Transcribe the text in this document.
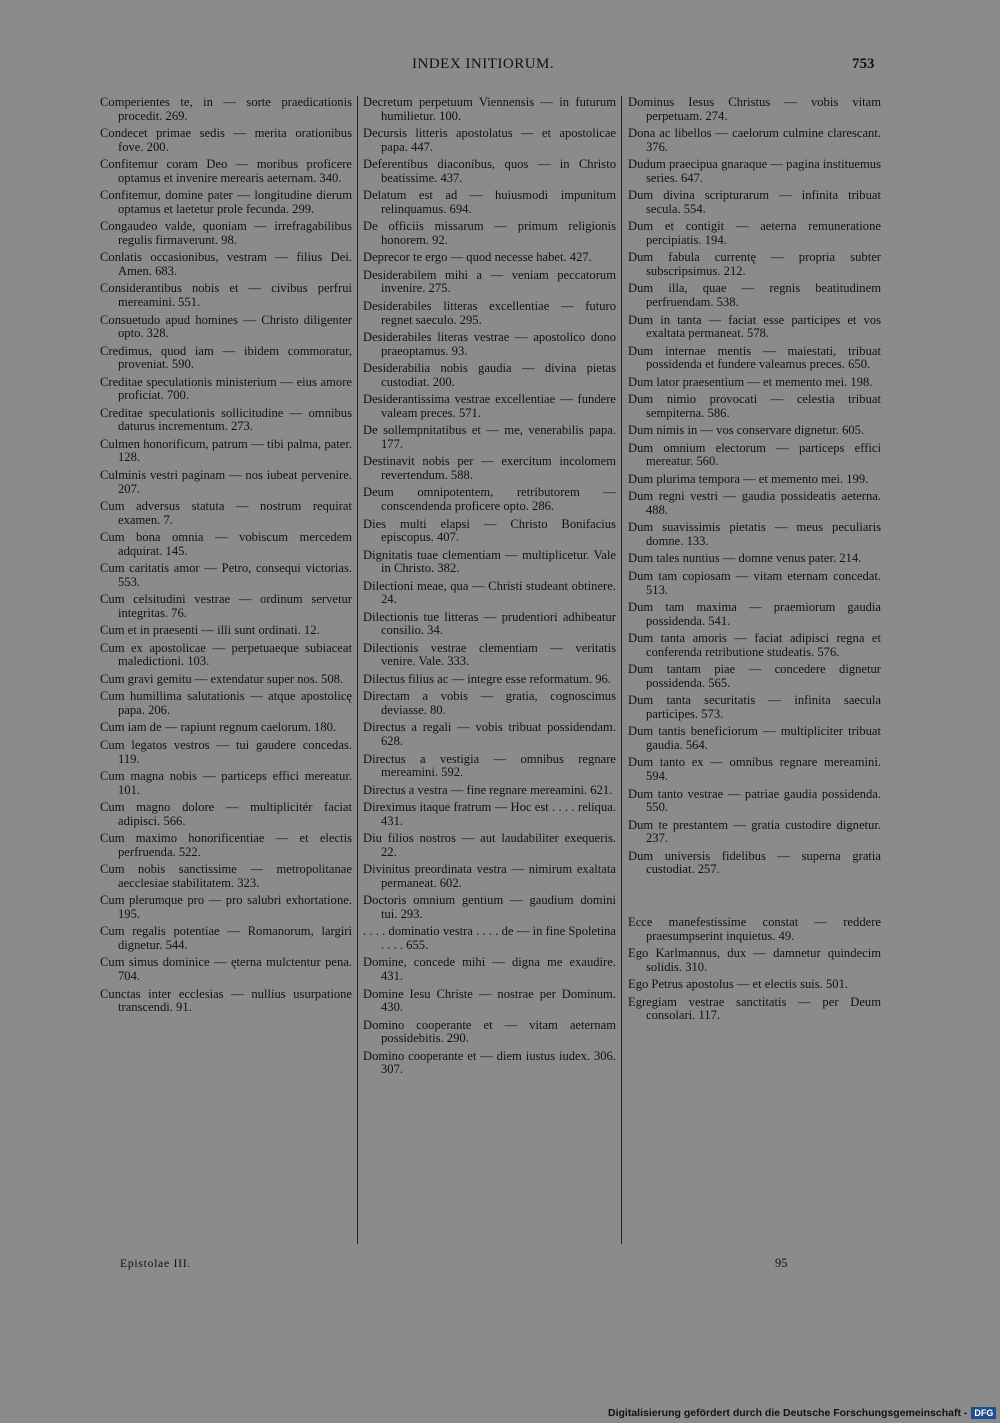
INDEX INITIORUM.	753

Comperientes te, in — sorte praedicationis procedit. 269.

Condecet primae sedis — merita orationibus fove. 200.

Confitemur coram Deo — moribus proficere optamus et invenire merearis aeternam. 340.

Confitemur, domine pater — longitudine dierum optamus et laetetur prole fecunda. 299.

Congaudeo valde, quoniam — irrefragabilibus regulis firmaverunt. 98.

Conlatis occasionibus, vestram — filius Dei. Amen. 683.

Considerantibus nobis et — civibus perfrui mereamini. 551.

Consuetudo apud homines — Christo diligenter opto. 328.

Credimus, quod iam — ibidem commoratur, proveniat. 590.

Creditae speculationis ministerium — eius amore proficiat. 700.

Creditae speculationis sollicitudine — omnibus daturus incrementum. 273.

Culmen honorificum, patrum — tibi palma, pater. 128.

Culminis vestri paginam — nos iubeat pervenire. 207.

Cum adversus statuta — nostrum requirat examen. 7.

Cum bona omnia — vobiscum mercedem adquirat. 145.

Cum caritatis amor — Petro, consequi victorias. 553.

Cum celsitudini vestrae — ordinum servetur integritas. 76.

Cum et in praesenti — illi sunt ordinati. 12.

Cum ex apostolicae — perpetuaeque subiaceat maledictioni. 103.

Cum gravi gemitu — extendatur super nos. 508.

Cum humillima salutationis — atque apostolicę papa. 206.

Cum iam de — rapiunt regnum caelorum. 180.

Cum legatos vestros — tui gaudere concedas. 119.

Cum magna nobis — particeps effici mereatur. 101.

Cum magno dolore — multiplicitér faciat adipisci. 566.

Cum maximo honorificentiae — et electis perfruenda. 522.

Cum nobis sanctissime — metropolitanae aecclesiae stabilitatem. 323.

Cum plerumque pro — pro salubri exhortatione. 195.

Cum regalis potentiae — Romanorum, largiri dignetur. 544.

Cum simus dominice — ęterna mulctentur pena. 704.

Cunctas inter ecclesias — nullius usurpatione transcendi. 91.

Decretum perpetuum Viennensis — in futurum humilietur. 100.

Decursis litteris apostolatus — et apostolicae papa. 447.

Deferentibus diaconibus, quos — in Christo beatissime. 437.

Delatum est ad — huiusmodi impunitum relinquamus. 694.

De officiis missarum — primum religionis honorem. 92.

Deprecor te ergo — quod necesse habet. 427.

Desiderabilem mihi a — veniam peccatorum invenire. 275.

Desiderabiles litteras excellentiae — futuro regnet saeculo. 295.

Desiderabiles literas vestrae — apostolico dono praeoptamus. 93.

Desiderabilia nobis gaudia — divina pietas custodiat. 200.

Desiderantissima vestrae excellentiae — fundere valeam preces. 571.

De sollempnitatibus et — me, venerabilis papa. 177.

Destinavit nobis per — exercitum incolomem revertendum. 588.

Deum omnipotentem, retributorem — conscendenda proficere opto. 286.

Dies multi elapsi — Christo Bonifacius episcopus. 407.

Dignitatis tuae clementiam — multiplicetur. Vale in Christo. 382.

Dilectioni meae, qua — Christi studeant obtinere. 24.

Dilectionis tue litteras — prudentiori adhibeatur consilio. 34.

Dilectionis vestrae clementiam — veritatis venire. Vale. 333.

Dilectus filius ac — integre esse reformatum. 96.

Directam a vobis — gratia, cognoscimus deviasse. 80.

Directus a regali — vobis tribuat possidendam. 628.

Directus a vestigia — omnibus regnare mereamini. 592.

Directus a vestra — fine regnare mereamini. 621.

Direximus itaque fratrum — Hoc est . . . . reliqua. 431.

Diu filios nostros — aut laudabiliter exequeris. 22.

Divinitus preordinata vestra — nimirum exaltata permaneat. 602.

Doctoris omnium gentium — gaudium domini tui. 293.

. . . . dominatio vestra . . . . de — in fine Spoletina . . . . 655.

Domine, concede mihi — digna me exaudire. 431.

Domine Iesu Christe — nostrae per Dominum. 430.

Domino cooperante et — vitam aeternam possidebitis. 290.

Domino cooperante et — diem iustus iudex. 306. 307.

Dominus Iesus Christus — vobis vitam perpetuam. 274.

Dona ac libellos — caelorum culmine clarescant. 376.

Dudum praecipua gnaraque — pagina instituemus series. 647.

Dum divina scripturarum — infinita tribuat secula. 554.

Dum et contigit — aeterna remuneratione percipiatis. 194.

Dum fabula currentę — propria subter subscripsimus. 212.

Dum illa, quae — regnis beatitudinem perfruendam. 538.

Dum in tanta — faciat esse participes et vos exaltata permaneat. 578.

Dum internae mentis — maiestati, tribuat possidenda et fundere valeamus preces. 650.

Dum lator praesentium — et memento mei. 198.

Dum nimio provocati — celestia tribuat sempiterna. 586.

Dum nimis in — vos conservare dignetur. 605.

Dum omnium electorum — particeps effici mereatur. 560.

Dum plurima tempora — et memento mei. 199.

Dum regni vestri — gaudia possideatis aeterna. 488.

Dum suavissimis pietatis — meus peculiaris domne. 133.

Dum tales nuntius — domne venus pater. 214.

Dum tam copiosam — vitam eternam concedat. 513.

Dum tam maxima — praemiorum gaudia possidenda. 541.

Dum tanta amoris — faciat adipisci regna et conferenda retributione studeatis. 576.

Dum tantam piae — concedere dignetur possidenda. 565.

Dum tanta securitatis — infinita saecula participes. 573.

Dum tantis beneficiorum — multipliciter tribuat gaudia. 564.

Dum tanto ex — omnibus regnare mereamini. 594.

Dum tanto vestrae — patriae gaudia possidenda. 550.

Dum te prestantem — gratia custodire dignetur. 237.

Dum universis fidelibus — superna gratia custodiat. 257.

Ecce manefestissime constat — reddere praesumpserint inquietus. 49.

Ego Karlmannus, dux — damnetur quindecim solidis. 310.

Ego Petrus apostolus — et electis suis. 501.

Egregiam vestrae sanctitatis — per Deum consolari. 117.

Epistolae III.	95
Digitalisierung gefördert durch die Deutsche Forschungsgemeinschaft - DFG
